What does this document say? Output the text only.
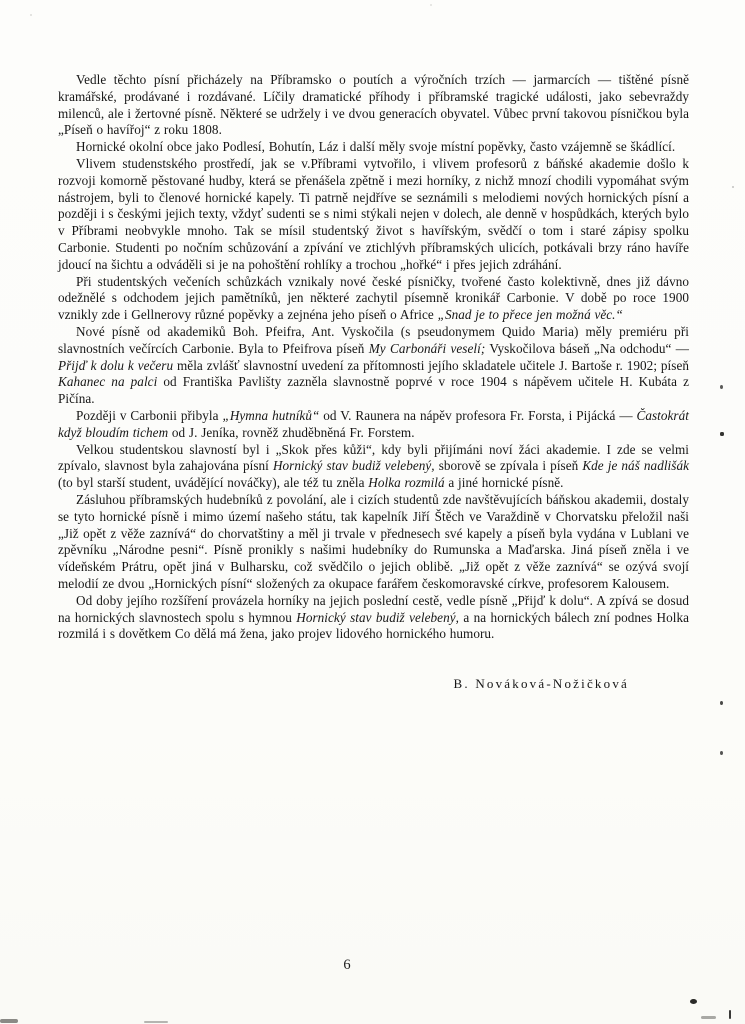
Vedle těchto písní přicházely na Příbramsko o poutích a výročních trzích — jarmarcích — tištěné písně kramářské, prodávané i rozdávané. Líčily dramatické příhody i příbramské tragické události, jako sebevraždy milenců, ale i žertovné písně. Některé se udržely i ve dvou generacích obyvatel. Vůbec první takovou písničkou byla „Píseň o havířoj“ z roku 1808.

Hornické okolní obce jako Podlesí, Bohutín, Láz i další měly svoje místní popěvky, často vzájemně se škádlící.

Vlivem studenstského prostředí, jak se v.Příbrami vytvořilo, i vlivem profesorů z báňské akademie došlo k rozvoji komorně pěstované hudby, která se přenášela zpětně i mezi horníky, z nichž mnozí chodili vypomáhat svým nástrojem, byli to členové hornické kapely. Ti patrně nejdříve se seznámili s melodiemi nových hornických písní a později i s českými jejich texty, vždyť sudenti se s nimi stýkali nejen v dolech, ale denně v hospůdkách, kterých bylo v Příbrami neobvykle mnoho. Tak se mísil studentský život s havířským, svědčí o tom i staré zápisy spolku Carbonie. Studenti po nočním schůzování a zpívání ve ztichlývh příbramských ulicích, potkávali brzy ráno havíře jdoucí na šichtu a odváděli si je na pohoštění rohlíky a trochou „hořké“ i přes jejich zdráhání.

Při studentských večeních schůzkách vznikaly nové české písničky, tvořené často kolektivně, dnes již dávno odežnělé s odchodem jejich pamětníků, jen některé zachytil písemně kronikář Carbonie. V době po roce 1900 vznikly zde i Gellnerovy různé popěvky a zejnéna jeho píseň o Africe „Snad je to přece jen možná věc.“

Nové písně od akademiků Boh. Pfeifra, Ant. Vyskočila (s pseudonymem Quido Maria) měly premiéru při slavnostních večírcích Carbonie. Byla to Pfeifrova píseň My Carbonáři veselí; Vyskočilova báseň „Na odchodu“ — Přijď k dolu k večeru měla zvlášť slavnostní uvedení za přítomnosti jejího skladatele učitele J. Bartoše r. 1902; píseň Kahanec na palci od Františka Pavlišty zazněla slavnostně poprvé v roce 1904 s nápěvem učitele H. Kubáta z Pičína.

Později v Carbonii přibyla „Hymna hutníků“ od V. Raunera na nápěv profesora Fr. Forsta, i Pijácká — Častokrát když bloudím tichem od J. Jeníka, rovněž zhuděbněná Fr. Forstem.

Velkou studentskou slavností byl i „Skok přes kůži“, kdy byli přijímáni noví žáci akademie. I zde se velmi zpívalo, slavnost byla zahajována písní Hornický stav budiž velebený, sborově se zpívala i píseň Kde je náš nadlišák (to byl starší student, uvádějící nováčky), ale též tu zněla Holka rozmilá a jiné hornické písně.

Zásluhou příbramských hudebníků z povolání, ale i cizích studentů zde navštěvujících báňskou akademii, dostaly se tyto hornické písně i mimo území našeho státu, tak kapelník Jiří Štěch ve Varaždině v Chorvatsku přeložil naši „Již opět z věže zaznívá“ do chorvatštiny a měl ji trvale v přednesech své kapely a píseň byla vydána v Lublani ve zpěvníku „Národne pesni“. Písně pronikly s našimi hudebníky do Rumunska a Maďarska. Jiná píseň zněla i ve vídeňském Prátru, opět jiná v Bulharsku, což svědčilo o jejich oblibě. „Již opět z věže zaznívá“ se ozývá svojí melodií ze dvou „Hornických písní“ složených za okupace farářem českomoravské církve, profesorem Kalousem.

Od doby jejího rozšíření provázela horníky na jejich poslední cestě, vedle písně „Přijď k dolu“. A zpívá se dosud na hornických slavnostech spolu s hymnou Hornický stav budiž velebený, a na hornických bálech zní podnes Holka rozmilá i s dovětkem Co dělá má žena, jako projev lidového hornického humoru.

B. Nováková-Nožičková
6
